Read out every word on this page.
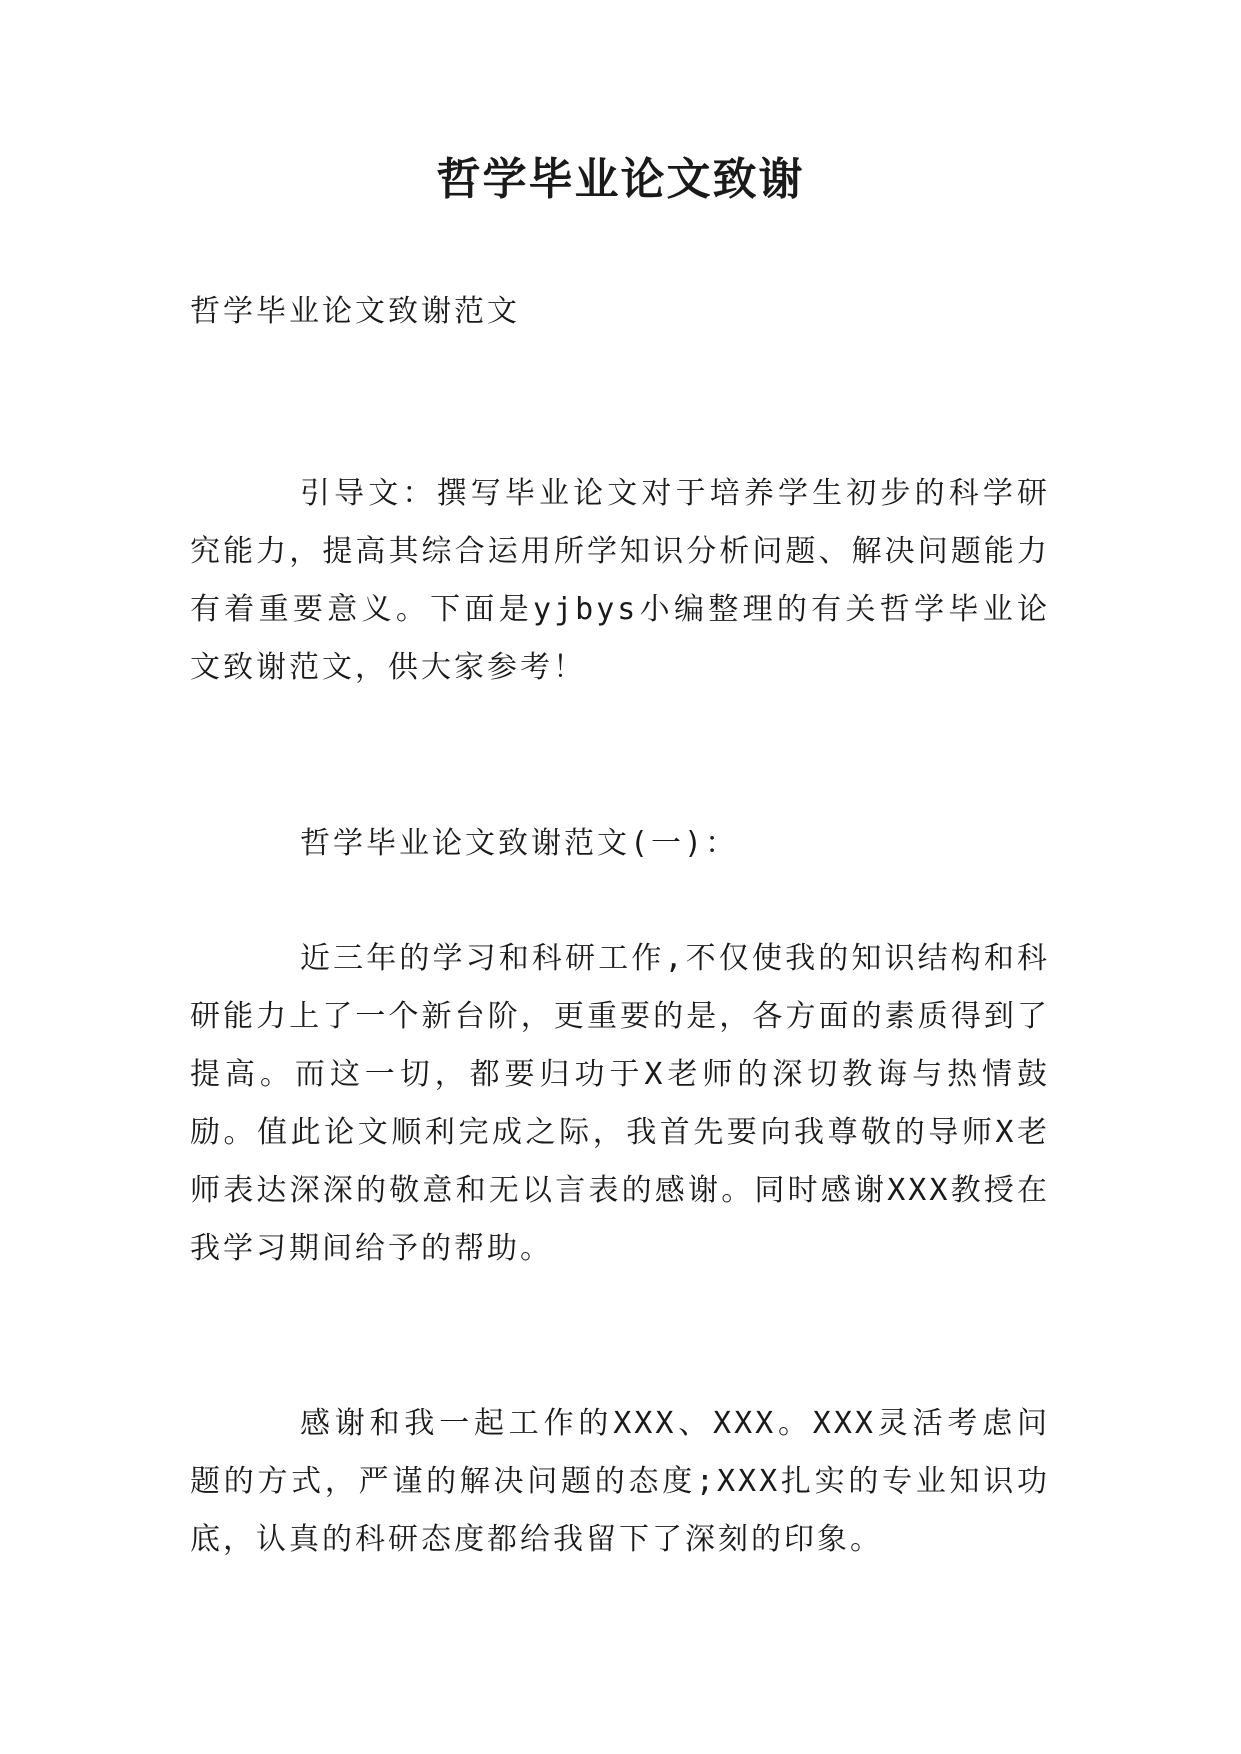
哲学毕业论文致谢

哲学毕业论文致谢范文

引导文：撰写毕业论文对于培养学生初步的科学研究能力，提高其综合运用所学知识分析问题、解决问题能力有着重要意义。下面是yjbys小编整理的有关哲学毕业论文致谢范文，供大家参考！

哲学毕业论文致谢范文(一)：

近三年的学习和科研工作,不仅使我的知识结构和科研能力上了一个新台阶，更重要的是，各方面的素质得到了提高。而这一切，都要归功于X老师的深切教诲与热情鼓励。值此论文顺利完成之际，我首先要向我尊敬的导师X老师表达深深的敬意和无以言表的感谢。同时感谢XXX教授在我学习期间给予的帮助。

感谢和我一起工作的XXX、XXX。XXX灵活考虑问题的方式，严谨的解决问题的态度;XXX扎实的专业知识功底，认真的科研态度都给我留下了深刻的印象。
